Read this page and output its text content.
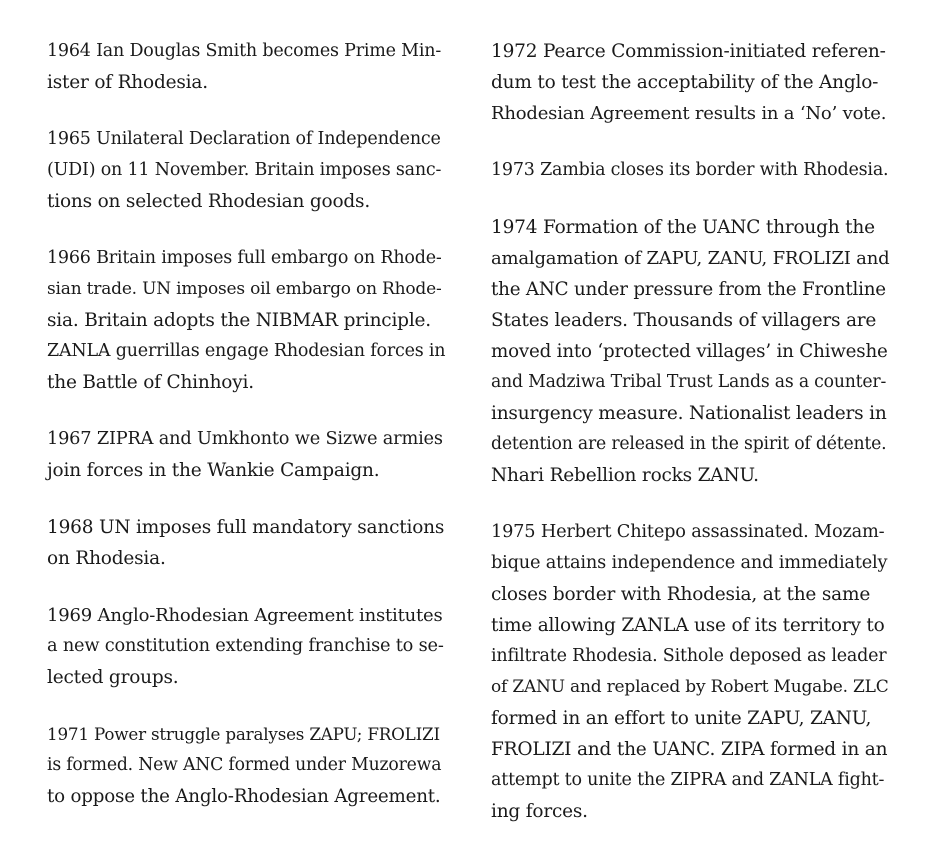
1964 Ian Douglas Smith becomes Prime Min-
ister of Rhodesia.
1965 Unilateral Declaration of Independence
(UDI) on 11 November. Britain imposes sanc-
tions on selected Rhodesian goods.
1966 Britain imposes full embargo on Rhode-
sian trade. UN imposes oil embargo on Rhode-
sia. Britain adopts the NIBMAR principle.
ZANLA guerrillas engage Rhodesian forces in
the Battle of Chinhoyi.
1967 ZIPRA and Umkhonto we Sizwe armies
join forces in the Wankie Campaign.
1968 UN imposes full mandatory sanctions
on Rhodesia.
1969 Anglo-Rhodesian Agreement institutes
a new constitution extending franchise to se-
lected groups.
1971 Power struggle paralyses ZAPU; FROLIZI
is formed. New ANC formed under Muzorewa
to oppose the Anglo-Rhodesian Agreement.
1972 Pearce Commission-initiated referen-
dum to test the acceptability of the Anglo-
Rhodesian Agreement results in a ‘No’ vote.
1973 Zambia closes its border with Rhodesia.
1974 Formation of the UANC through the
amalgamation of ZAPU, ZANU, FROLIZI and
the ANC under pressure from the Frontline
States leaders. Thousands of villagers are
moved into ‘protected villages’ in Chiweshe
and Madziwa Tribal Trust Lands as a counter-
insurgency measure. Nationalist leaders in
detention are released in the spirit of détente.
Nhari Rebellion rocks ZANU.
1975 Herbert Chitepo assassinated. Mozam-
bique attains independence and immediately
closes border with Rhodesia, at the same
time allowing ZANLA use of its territory to
infiltrate Rhodesia. Sithole deposed as leader
of ZANU and replaced by Robert Mugabe. ZLC
formed in an effort to unite ZAPU, ZANU,
FROLIZI and the UANC. ZIPA formed in an
attempt to unite the ZIPRA and ZANLA fight-
ing forces.
